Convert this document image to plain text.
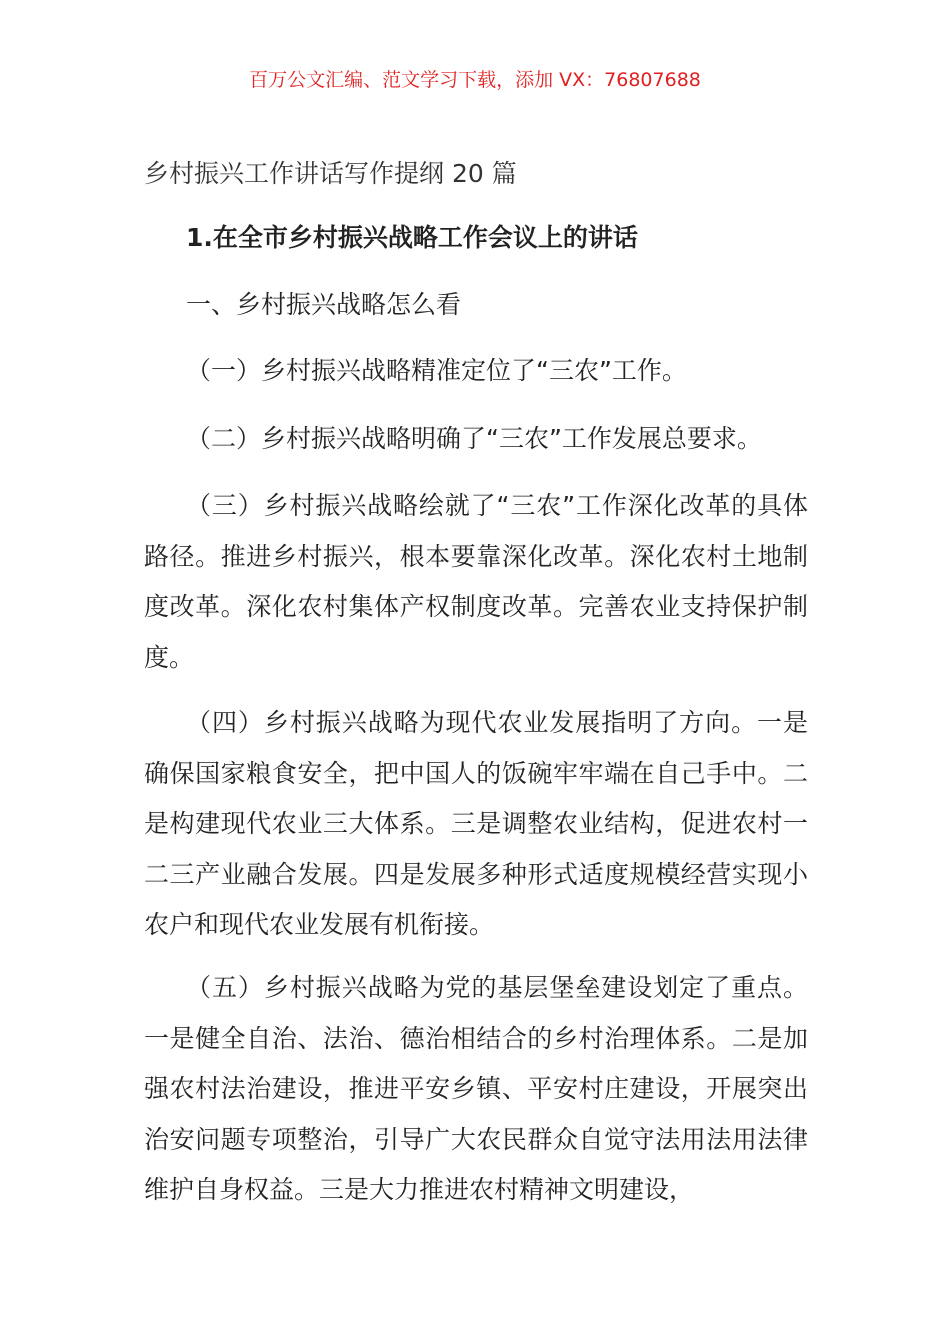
百万公文汇编、范文学习下载，添加 VX：76807688
乡村振兴工作讲话写作提纲 20 篇
1.在全市乡村振兴战略工作会议上的讲话
一、乡村振兴战略怎么看

（一）乡村振兴战略精准定位了“三农”工作。

（二）乡村振兴战略明确了“三农”工作发展总要求。

（三）乡村振兴战略绘就了“三农”工作深化改革的具体路径。推进乡村振兴，根本要靠深化改革。深化农村土地制度改革。深化农村集体产权制度改革。完善农业支持保护制度。

（四）乡村振兴战略为现代农业发展指明了方向。一是确保国家粮食安全，把中国人的饭碗牢牢端在自己手中。二是构建现代农业三大体系。三是调整农业结构，促进农村一二三产业融合发展。四是发展多种形式适度规模经营实现小农户和现代农业发展有机衔接。

（五）乡村振兴战略为党的基层堡垒建设划定了重点。一是健全自治、法治、德治相结合的乡村治理体系。二是加强农村法治建设，推进平安乡镇、平安村庄建设，开展突出治安问题专项整治，引导广大农民群众自觉守法用法用法律维护自身权益。三是大力推进农村精神文明建设，
